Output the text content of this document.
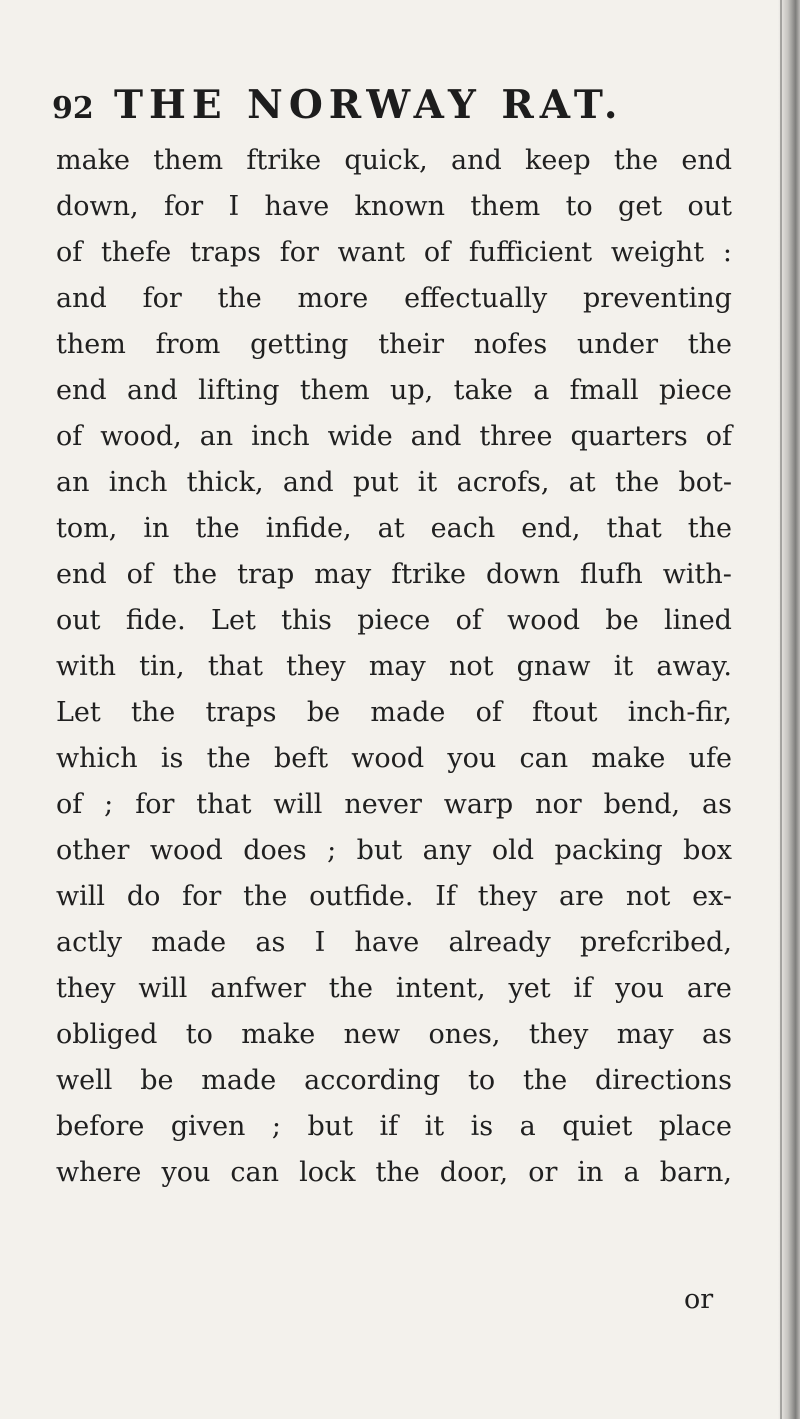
92 THE NORWAY RAT.
make them ftrike quick, and keep the end
down, for I have known them to get out
of thefe traps for want of fufficient weight :
and for the more effectually preventing
them from getting their nofes under the
end and lifting them up, take a fmall piece
of wood, an inch wide and three quarters of
an inch thick, and put it acrofs, at the bot-
tom, in the infide, at each end, that the
end of the trap may ftrike down flufh with-
out fide. Let this piece of wood be lined
with tin, that they may not gnaw it away.
Let the traps be made of ftout inch-fir,
which is the beft wood you can make ufe
of ; for that will never warp nor bend, as
other wood does ; but any old packing box
will do for the outfide. If they are not ex-
actly made as I have already prefcribed,
they will anfwer the intent, yet if you are
obliged to make new ones, they may as
well be made according to the directions
before given ; but if it is a quiet place
where you can lock the door, or in a barn,
or
